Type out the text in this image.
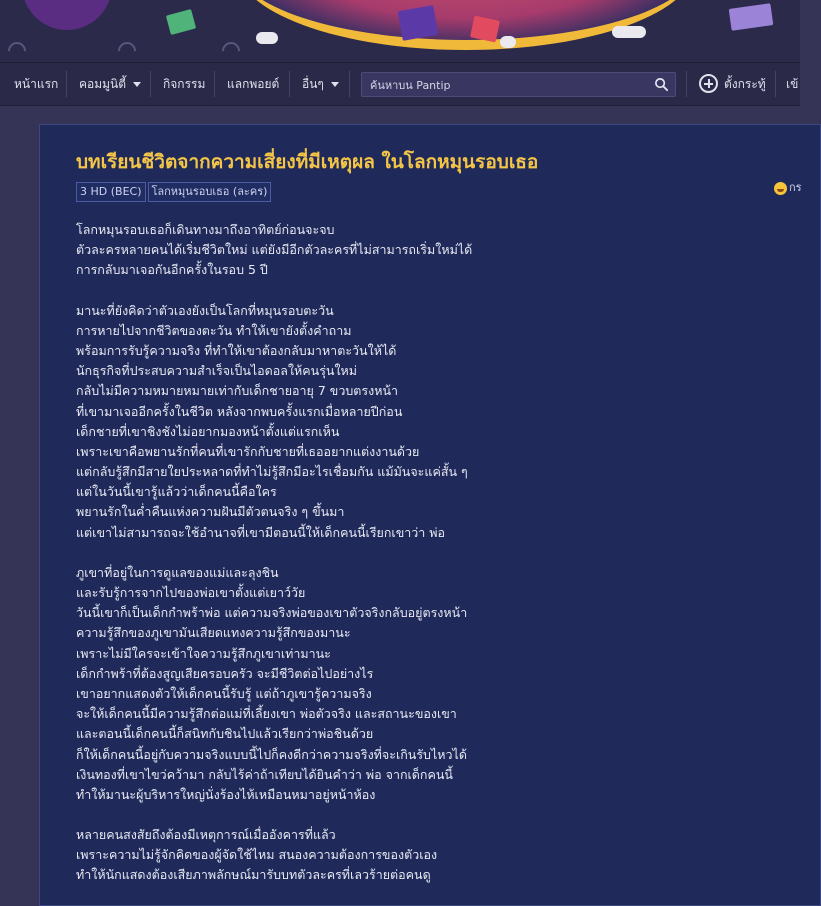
หน้าแรก คอมมูนิตี้	กิจกรรม แลกพอยต์ อื่นๆ
ค้นหาบน Pantip	ตั้งกระทู้ เข้
บทเรียนชีวิตจากความเสี่ยงที่มีเหตุผล ในโลกหมุนรอบเธอ
3 HD (BEC) โลกหมุนรอบเธอ (ละคร)	กร
โลกหมุนรอบเธอก็เดินทางมาถึงอาทิตย์ก่อนจะจบ
ตัวละครหลายคนได้เริ่มชีวิตใหม่ แต่ยังมีอีกตัวละครที่ไม่สามารถเริ่มใหม่ได้
การกลับมาเจอกันอีกครั้งในรอบ 5 ปี
มานะที่ยังคิดว่าตัวเองยังเป็นโลกที่หมุนรอบตะวัน
การหายไปจากชีวิตของตะวัน ทำให้เขายังตั้งคำถาม
พร้อมการรับรู้ความจริง ที่ทำให้เขาต้องกลับมาหาตะวันให้ได้
นักธุรกิจที่ประสบความสำเร็จเป็นไอดอลให้คนรุ่นใหม่
กลับไม่มีความหมายหมายเท่ากับเด็กชายอายุ 7 ขวบตรงหน้า
ที่เขามาเจออีกครั้งในชีวิต หลังจากพบครั้งแรกเมื่อหลายปีก่อน
เด็กชายที่เขาชิงชังไม่อยากมองหน้าตั้งแต่แรกเห็น
เพราะเขาคือพยานรักที่คนที่เขารักกับชายที่เธออยากแต่งงานด้วย
แต่กลับรู้สึกมีสายใยประหลาดที่ทำไม่รู้สึกมีอะไรเชื่อมกัน แม้มันจะแค่สั้น ๆ
แต่ในวันนี้เขารู้แล้วว่าเด็กคนนี้คือใคร
พยานรักในค่ำคืนแห่งความฝันมีตัวตนจริง ๆ ขึ้นมา
แต่เขาไม่สามารถจะใช้อำนาจที่เขามีตอนนี้ให้เด็กคนนี้เรียกเขาว่า พ่อ
ภูเขาที่อยู่ในการดูแลของแม่และลุงชิน
และรับรู้การจากไปของพ่อเขาตั้งแต่เยาว์วัย
วันนี้เขาก็เป็นเด็กกำพร้าพ่อ แต่ความจริงพ่อของเขาตัวจริงกลับอยู่ตรงหน้า
ความรู้สึกของภูเขามันเสียดแทงความรู้สึกของมานะ
เพราะไม่มีใครจะเข้าใจความรู้สึกภูเขาเท่ามานะ
เด็กกำพร้าที่ต้องสูญเสียครอบครัว จะมีชีวิตต่อไปอย่างไร
เขาอยากแสดงตัวให้เด็กคนนี้รับรู้ แต่ถ้าภูเขารู้ความจริง
จะให้เด็กคนนี้มีความรู้สึกต่อแม่ที่เลี้ยงเขา พ่อตัวจริง และสถานะของเขา
และตอนนี้เด็กคนนี้ก็สนิทกับชินไปแล้วเรียกว่าพ่อชินด้วย
ก็ให้เด็กคนนี้อยู่กับความจริงแบบนี้ไปก็คงดีกว่าความจริงที่จะเกินรับไหวได้
เงินทองที่เขาไขว่คว้ามา กลับไร้ค่าถ้าเทียบได้ยินคำว่า พ่อ จากเด็กคนนี้
ทำให้มานะผู้บริหารใหญ่นั่งร้องไห้เหมือนหมาอยู่หน้าห้อง
หลายคนสงสัยถึงต้องมีเหตุการณ์เมื่ออังคารที่แล้ว
เพราะความไม่รู้จักคิดของผู้จัดใช้ไหม สนองความต้องการของตัวเอง
ทำให้นักแสดงต้องเสียภาพลักษณ์มารับบทตัวละครที่เลวร้ายต่อคนดู
